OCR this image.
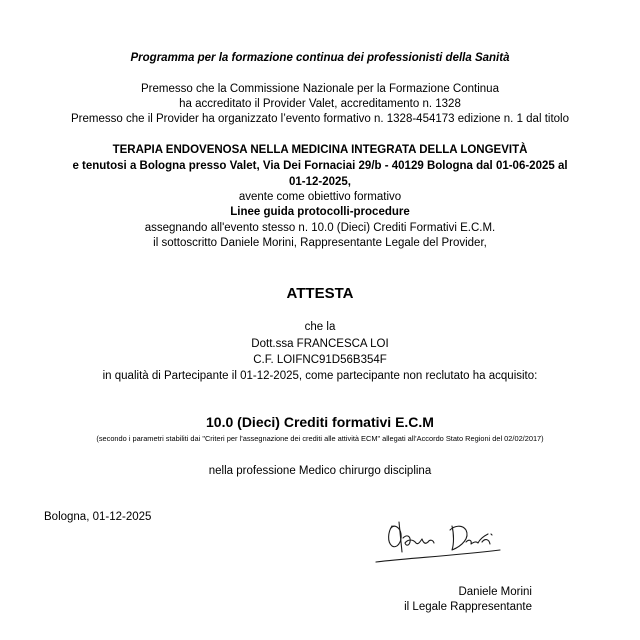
Programma per la formazione continua dei professionisti della Sanità
Premesso che la Commissione Nazionale per la Formazione Continua
ha accreditato il Provider Valet, accreditamento n. 1328
Premesso che il Provider ha organizzato l’evento formativo n. 1328-454173 edizione n. 1 dal titolo
TERAPIA ENDOVENOSA NELLA MEDICINA INTEGRATA DELLA LONGEVITÀ
e tenutosi a Bologna presso Valet, Via Dei Fornaciai 29/b - 40129 Bologna dal 01-06-2025 al
01-12-2025,
avente come obiettivo formativo
Linee guida protocolli-procedure
assegnando all'evento stesso n. 10.0 (Dieci) Crediti Formativi E.C.M.
il sottoscritto Daniele Morini, Rappresentante Legale del Provider,
ATTESTA
che la
Dott.ssa FRANCESCA LOI
C.F. LOIFNC91D56B354F
in qualità di Partecipante il 01-12-2025, come partecipante non reclutato ha acquisito:
10.0 (Dieci) Crediti formativi E.C.M
(secondo i parametri stabiliti dai "Criteri per l’assegnazione dei crediti alle attività ECM" allegati all’Accordo Stato Regioni del 02/02/2017)
nella professione Medico chirurgo disciplina
Bologna, 01-12-2025
Daniele Morini
il Legale Rappresentante
